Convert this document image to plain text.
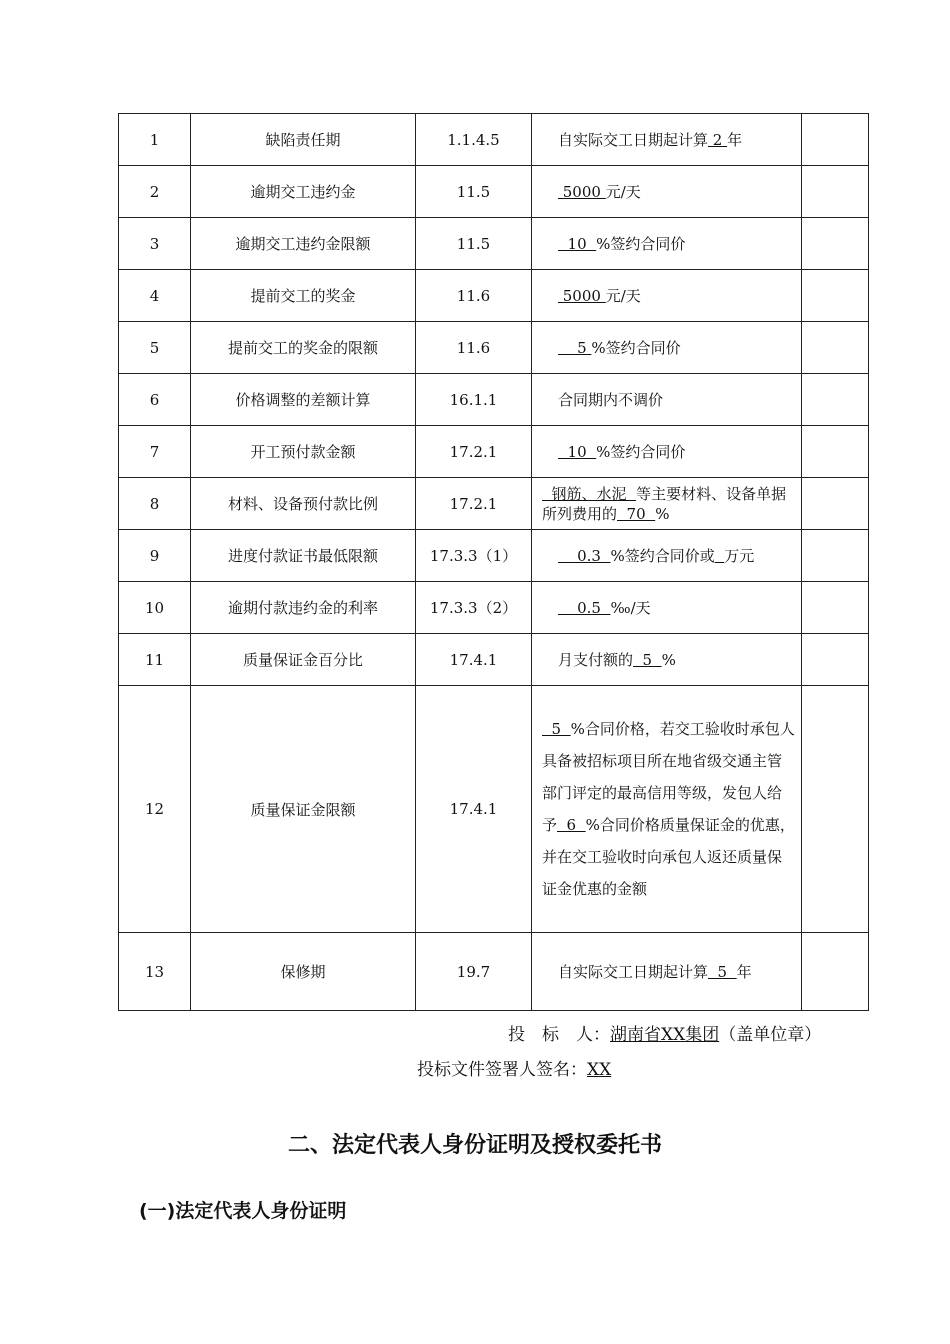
1	缺陷责任期	1.1.4.5	自实际交工日期起计算 2 年	
2	逾期交工违约金	11.5	5000 元/天	
3	逾期交工违约金限额	11.5	10  %签约合同价	
4	提前交工的奖金	11.6	5000 元/天	
5	提前交工的奖金的限额	11.6	5 %签约合同价	
6	价格调整的差额计算	16.1.1	合同期内不调价	
7	开工预付款金额	17.2.1	10  %签约合同价	
8	材料、设备预付款比例	17.2.1	钢筋、水泥  等主要材料、设备单据所列费用的  70  %	
9	进度付款证书最低限额	17.3.3（1）	0.3  %签约合同价或 万元	
10	逾期付款违约金的利率	17.3.3（2）	0.5  ‰/天	
11	质量保证金百分比	17.4.1	月支付额的  5  %	
12	质量保证金限额	17.4.1	5  %合同价格，若交工验收时承包人具备被招标项目所在地省级交通主管部门评定的最高信用等级，发包人给予  6  %合同价格质量保证金的优惠，并在交工验收时向承包人返还质量保证金优惠的金额	
13	保修期	19.7	自实际交工日期起计算  5  年	
投　标　人：湖南省XX集团（盖单位章）
投标文件签署人签名：XX
二、法定代表人身份证明及授权委托书
(一)法定代表人身份证明
